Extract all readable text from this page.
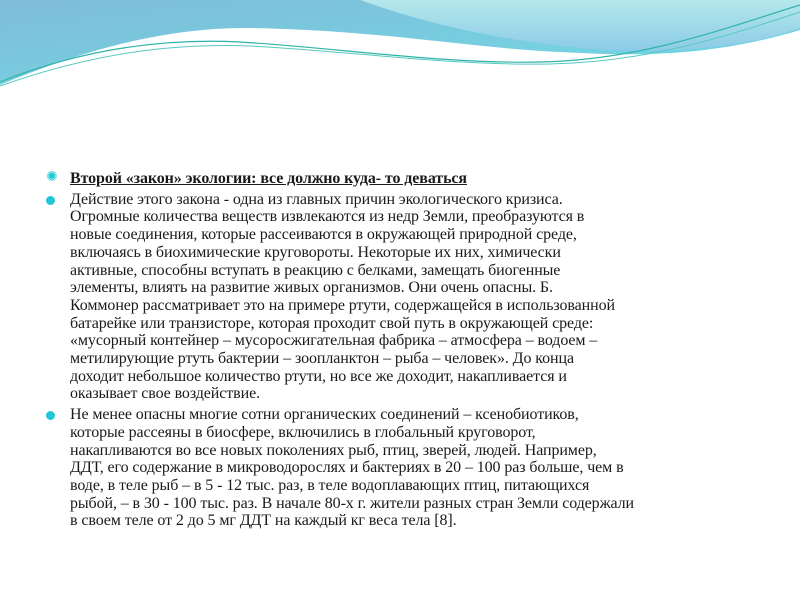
✺ Второй «закон» экологии: все должно куда- то деваться
Действие этого закона - одна из главных причин экологического кризиса.
Огромные количества веществ извлекаются из недр Земли, преобразуются в
новые соединения, которые рассеиваются в окружающей природной среде,
включаясь в биохимические круговороты. Некоторые их них, химически
активные, способны вступать в реакцию с белками, замещать биогенные
элементы, влиять на развитие живых организмов. Они очень опасны. Б.
Коммонер рассматривает это на примере ртути, содержащейся в использованной
батарейке или транзисторе, которая проходит свой путь в окружающей среде:
«мусорный контейнер – мусоросжигательная фабрика – атмосфера – водоем –
метилирующие ртуть бактерии – зоопланктон – рыба – человек». До конца
доходит небольшое количество ртути, но все же доходит, накапливается и
оказывает свое воздействие.
Не менее опасны многие сотни органических соединений – ксенобиотиков,
которые рассеяны в биосфере, включились в глобальный круговорот,
накапливаются во все новых поколениях рыб, птиц, зверей, людей. Например,
ДДТ, его содержание в микроводорослях и бактериях в 20 – 100 раз больше, чем в
воде, в теле рыб – в 5 - 12 тыс. раз, в теле водоплавающих птиц, питающихся
рыбой, – в 30 - 100 тыс. раз. В начале 80-х г. жители разных стран Земли содержали
в своем теле от 2 до 5 мг ДДТ на каждый кг веса тела [8].
